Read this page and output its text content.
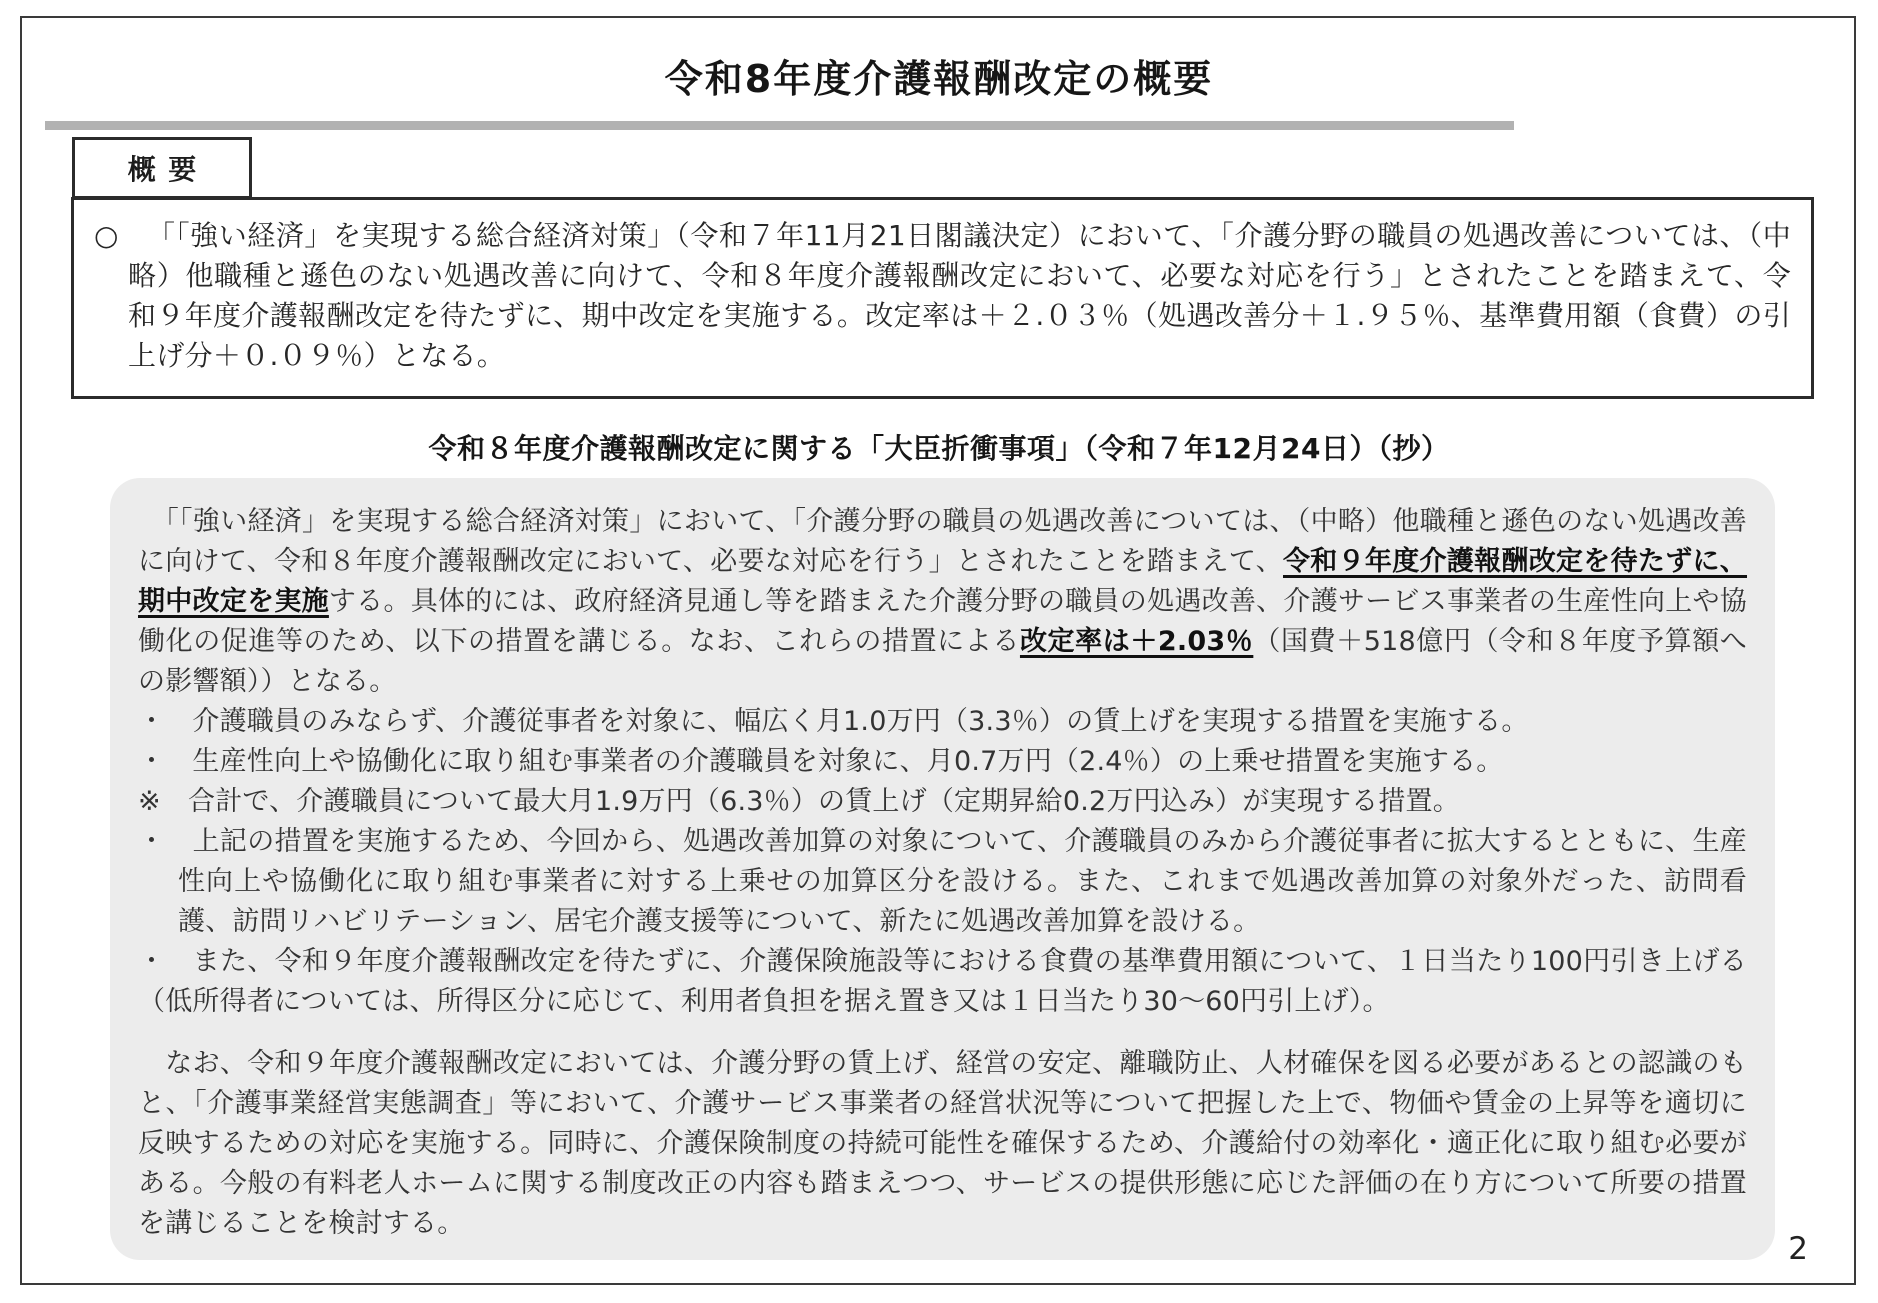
令和8年度介護報酬改定の概要
概要
○ 「「強い経済」を実現する総合経済対策」（令和７年11月21日閣議決定）において、「介護分野の職員の処遇改善については、（中略）他職種と遜色のない処遇改善に向けて、令和８年度介護報酬改定において、必要な対応を行う」とされたことを踏まえて、令和９年度介護報酬改定を待たずに、期中改定を実施する。改定率は＋２.０３％（処遇改善分＋１.９５％、基準費用額（食費）の引上げ分＋０.０９％）となる。
令和８年度介護報酬改定に関する「大臣折衝事項」（令和７年12月24日）（抄）
　「「強い経済」を実現する総合経済対策」において、「介護分野の職員の処遇改善については、（中略）他職種と遜色のない処遇改善に向けて、令和８年度介護報酬改定において、必要な対応を行う」とされたことを踏まえて、令和９年度介護報酬改定を待たずに、期中改定を実施する。具体的には、政府経済見通し等を踏まえた介護分野の職員の処遇改善、介護サービス事業者の生産性向上や協働化の促進等のため、以下の措置を講じる。なお、これらの措置による改定率は＋2.03％（国費＋518億円（令和８年度予算額への影響額））となる。
・　介護職員のみならず、介護従事者を対象に、幅広く月1.0万円（3.3％）の賃上げを実現する措置を実施する。
・　生産性向上や協働化に取り組む事業者の介護職員を対象に、月0.7万円（2.4％）の上乗せ措置を実施する。
※　合計で、介護職員について最大月1.9万円（6.3％）の賃上げ（定期昇給0.2万円込み）が実現する措置。
・　上記の措置を実施するため、今回から、処遇改善加算の対象について、介護職員のみから介護従事者に拡大するとともに、生産性向上や協働化に取り組む事業者に対する上乗せの加算区分を設ける。また、これまで処遇改善加算の対象外だった、訪問看護、訪問リハビリテーション、居宅介護支援等について、新たに処遇改善加算を設ける。
・　また、令和９年度介護報酬改定を待たずに、介護保険施設等における食費の基準費用額について、１日当たり100円引き上げる（低所得者については、所得区分に応じて、利用者負担を据え置き又は１日当たり30～60円引上げ）。
　なお、令和９年度介護報酬改定においては、介護分野の賃上げ、経営の安定、離職防止、人材確保を図る必要があるとの認識のもと、「介護事業経営実態調査」等において、介護サービス事業者の経営状況等について把握した上で、物価や賃金の上昇等を適切に反映するための対応を実施する。同時に、介護保険制度の持続可能性を確保するため、介護給付の効率化・適正化に取り組む必要がある。今般の有料老人ホームに関する制度改正の内容も踏まえつつ、サービスの提供形態に応じた評価の在り方について所要の措置を講じることを検討する。
2
